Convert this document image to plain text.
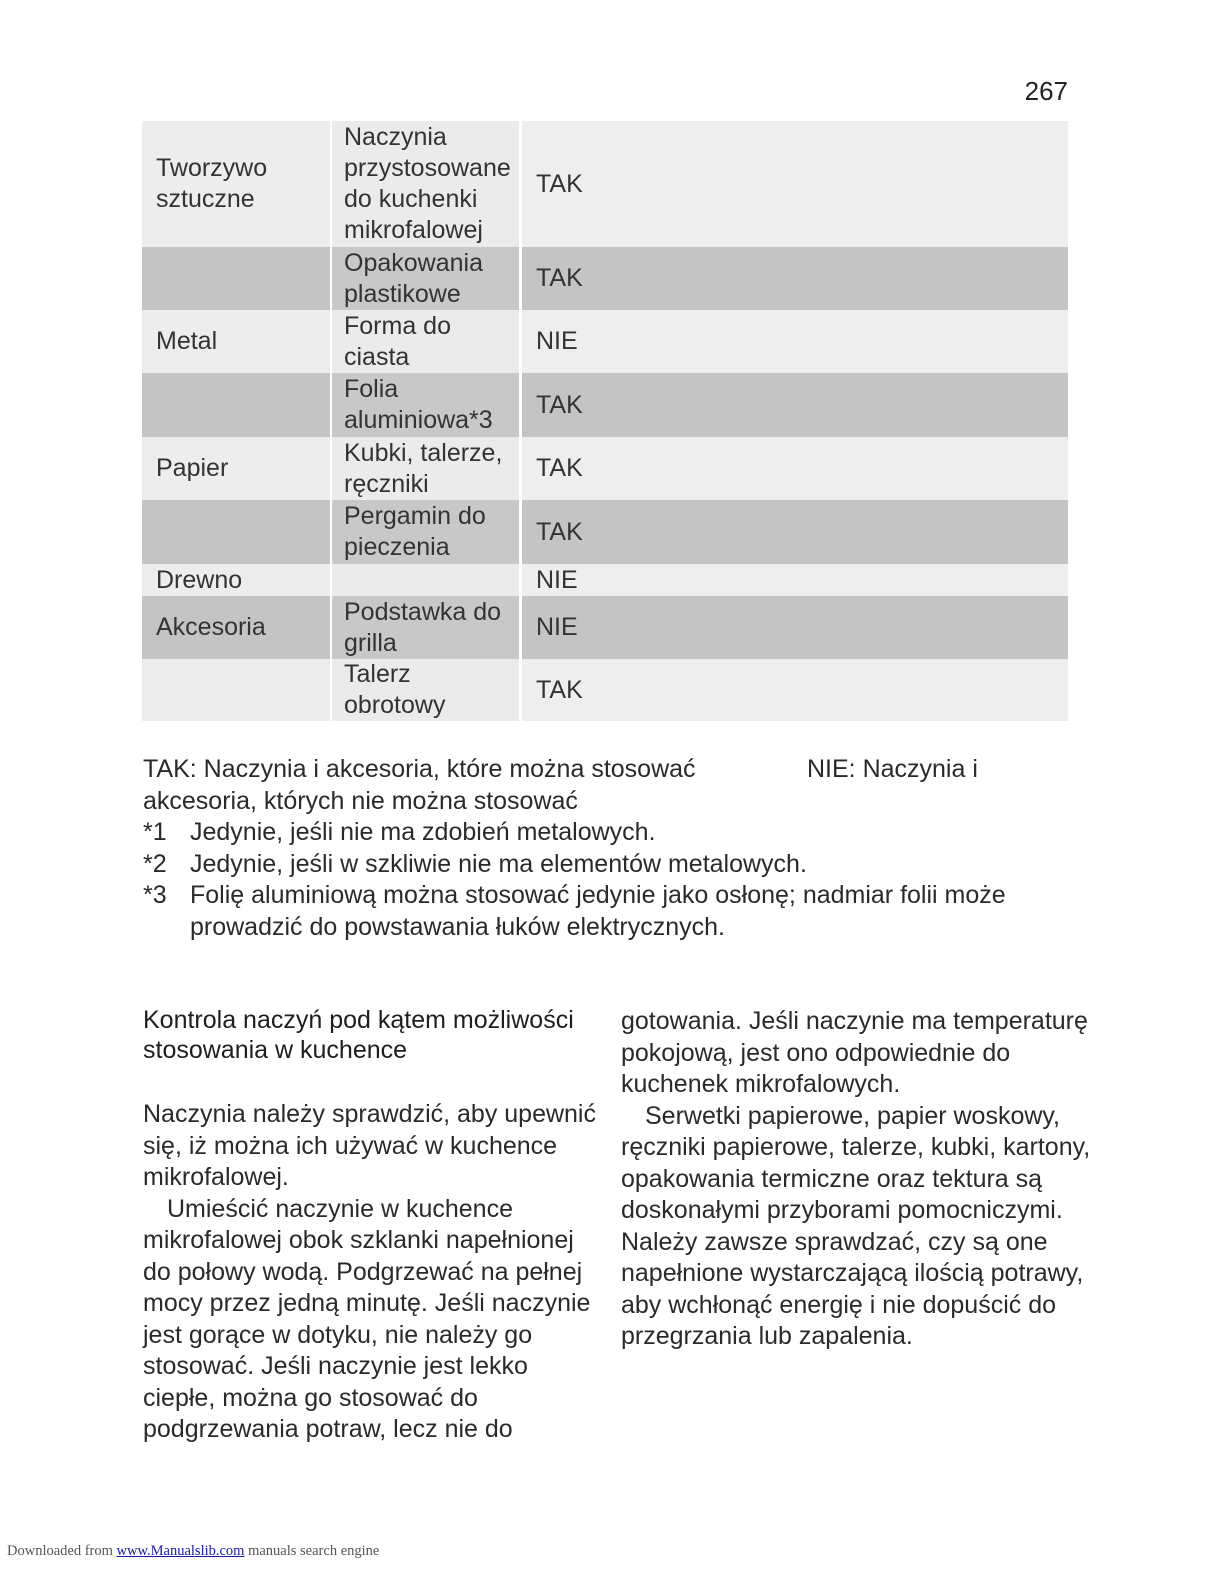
267
Tworzywo sztuczne	Naczynia przystosowane do kuchenki mikrofalowej	TAK
	Opakowania plastikowe	TAK
Metal	Forma do ciasta	NIE
	Folia aluminiowa*3	TAK
Papier	Kubki, talerze, ręczniki	TAK
	Pergamin do pieczenia	TAK
Drewno		NIE
Akcesoria	Podstawka do grilla	NIE
	Talerz obrotowy	TAK
TAK: Naczynia i akcesoria, które można stosować	NIE: Naczynia i
akcesoria, których nie można stosować
*1 Jedynie, jeśli nie ma zdobień metalowych.
*2 Jedynie, jeśli w szkliwie nie ma elementów metalowych.
*3 Folię aluminiową można stosować jedynie jako osłonę; nadmiar folii może prowadzić do powstawania łuków elektrycznych.
Kontrola naczyń pod kątem możliwości stosowania w kuchence

Naczynia należy sprawdzić, aby upewnić się, iż można ich używać w kuchence mikrofalowej.

Umieścić naczynie w kuchence mikrofalowej obok szklanki napełnionej do połowy wodą. Podgrzewać na pełnej mocy przez jedną minutę. Jeśli naczynie jest gorące w dotyku, nie należy go stosować. Jeśli naczynie jest lekko ciepłe, można go stosować do podgrzewania potraw, lecz nie do

gotowania. Jeśli naczynie ma temperaturę pokojową, jest ono odpowiednie do kuchenek mikrofalowych.

Serwetki papierowe, papier woskowy, ręczniki papierowe, talerze, kubki, kartony, opakowania termiczne oraz tektura są doskonałymi przyborami pomocniczymi. Należy zawsze sprawdzać, czy są one napełnione wystarczającą ilością potrawy, aby wchłonąć energię i nie dopuścić do przegrzania lub zapalenia.

Downloaded from www.Manualslib.com manuals search engine
